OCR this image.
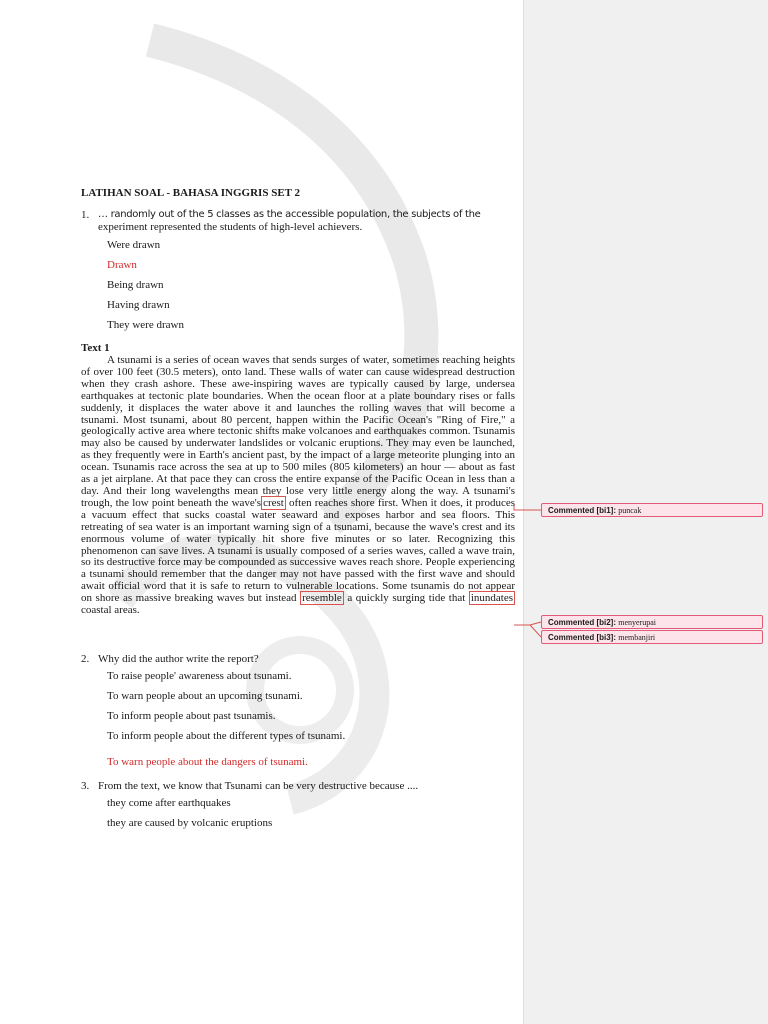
LATIHAN SOAL - BAHASA INGGRIS SET 2
1. … randomly out of the 5 classes as the accessible population, the subjects of the
experiment represented the students of high-level achievers.
Were drawn
Drawn
Being drawn
Having drawn
They were drawn
Text 1
A tsunami is a series of ocean waves that sends surges of water, sometimes reaching heights of over 100 feet (30.5 meters), onto land. These walls of water can cause widespread destruction when they crash ashore. These awe-inspiring waves are typically caused by large, undersea earthquakes at tectonic plate boundaries. When the ocean floor at a plate boundary rises or falls suddenly, it displaces the water above it and launches the rolling waves that will become a tsunami. Most tsunami, about 80 percent, happen within the Pacific Ocean's "Ring of Fire," a geologically active area where tectonic shifts make volcanoes and earthquakes common. Tsunamis may also be caused by underwater landslides or volcanic eruptions. They may even be launched, as they frequently were in Earth's ancient past, by the impact of a large meteorite plunging into an ocean. Tsunamis race across the sea at up to 500 miles (805 kilometers) an hour — about as fast as a jet airplane. At that pace they can cross the entire expanse of the Pacific Ocean in less than a day. And their long wavelengths mean they lose very little energy along the way. A tsunami's trough, the low point beneath the wave's crest often reaches shore first. When it does, it produces a vacuum effect that sucks coastal water seaward and exposes harbor and sea floors. This retreating of sea water is an important warning sign of a tsunami, because the wave's crest and its enormous volume of water typically hit shore five minutes or so later. Recognizing this phenomenon can save lives. A tsunami is usually composed of a series waves, called a wave train, so its destructive force may be compounded as successive waves reach shore. People experiencing a tsunami should remember that the danger may not have passed with the first wave and should await official word that it is safe to return to vulnerable locations. Some tsunamis do not appear on shore as massive breaking waves but instead resemble a quickly surging tide that inundates coastal areas.
2. Why did the author write the report?
To raise people' awareness about tsunami.
To warn people about an upcoming tsunami.
To inform people about past tsunamis.
To inform people about the different types of tsunami.
To warn people about the dangers of tsunami.
3. From the text, we know that Tsunami can be very destructive because ....
they come after earthquakes
they are caused by volcanic eruptions
Commented [bi1]: puncak
Commented [bi2]: menyerupai
Commented [bi3]: membanjiri
